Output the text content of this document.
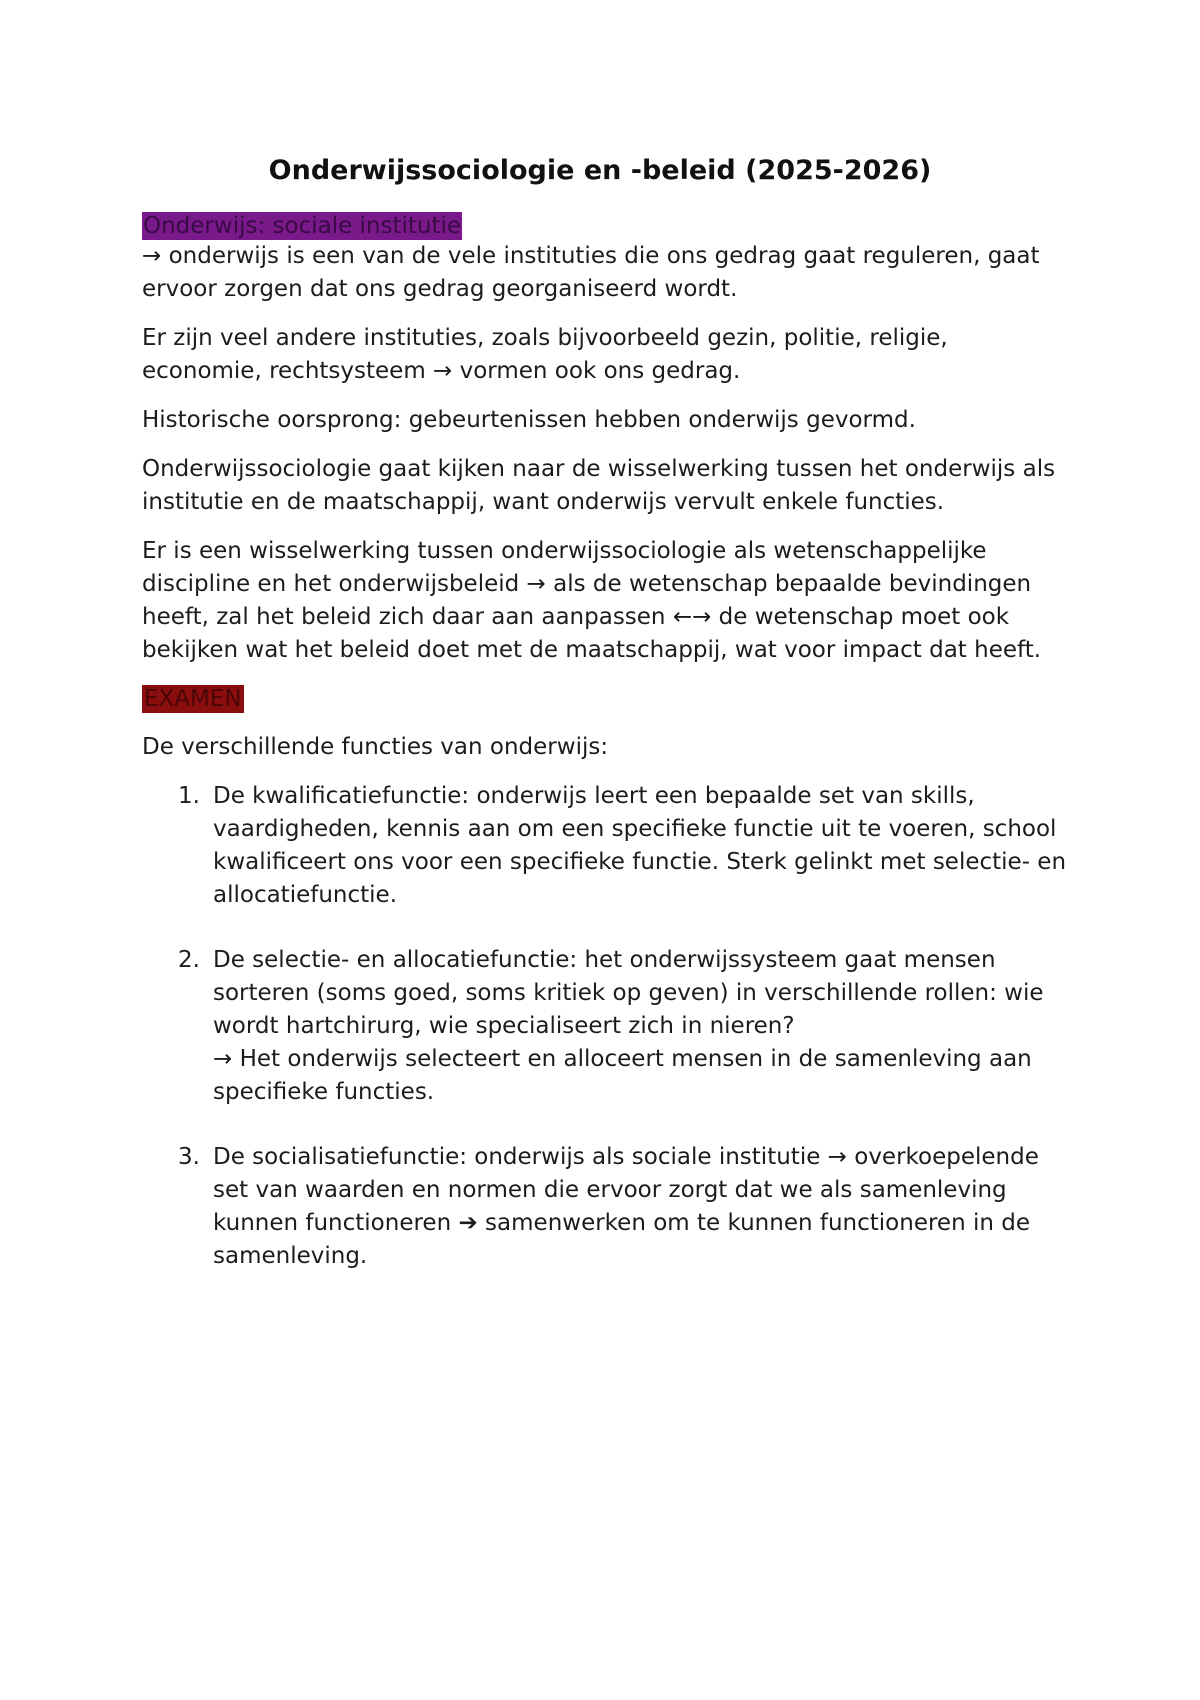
Onderwijssociologie en -beleid (2025-2026)
Onderwijs: sociale institutie

→ onderwijs is een van de vele instituties die ons gedrag gaat reguleren, gaat ervoor zorgen dat ons gedrag georganiseerd wordt.

Er zijn veel andere instituties, zoals bijvoorbeeld gezin, politie, religie, economie, rechtsysteem → vormen ook ons gedrag.

Historische oorsprong: gebeurtenissen hebben onderwijs gevormd.

Onderwijssociologie gaat kijken naar de wisselwerking tussen het onderwijs als institutie en de maatschappij, want onderwijs vervult enkele functies.

Er is een wisselwerking tussen onderwijssociologie als wetenschappelijke discipline en het onderwijsbeleid → als de wetenschap bepaalde bevindingen heeft, zal het beleid zich daar aan aanpassen ←→ de wetenschap moet ook bekijken wat het beleid doet met de maatschappij, wat voor impact dat heeft.

EXAMEN

De verschillende functies van onderwijs:

1. De kwalificatiefunctie: onderwijs leert een bepaalde set van skills, vaardigheden, kennis aan om een specifieke functie uit te voeren, school kwalificeert ons voor een specifieke functie. Sterk gelinkt met selectie- en allocatiefunctie.
2. De selectie- en allocatiefunctie: het onderwijssysteem gaat mensen sorteren (soms goed, soms kritiek op geven) in verschillende rollen: wie wordt hartchirurg, wie specialiseert zich in nieren?
→ Het onderwijs selecteert en alloceert mensen in de samenleving aan specifieke functies.
3. De socialisatiefunctie: onderwijs als sociale institutie → overkoepelende set van waarden en normen die ervoor zorgt dat we als samenleving kunnen functioneren ➔ samenwerken om te kunnen functioneren in de samenleving.
